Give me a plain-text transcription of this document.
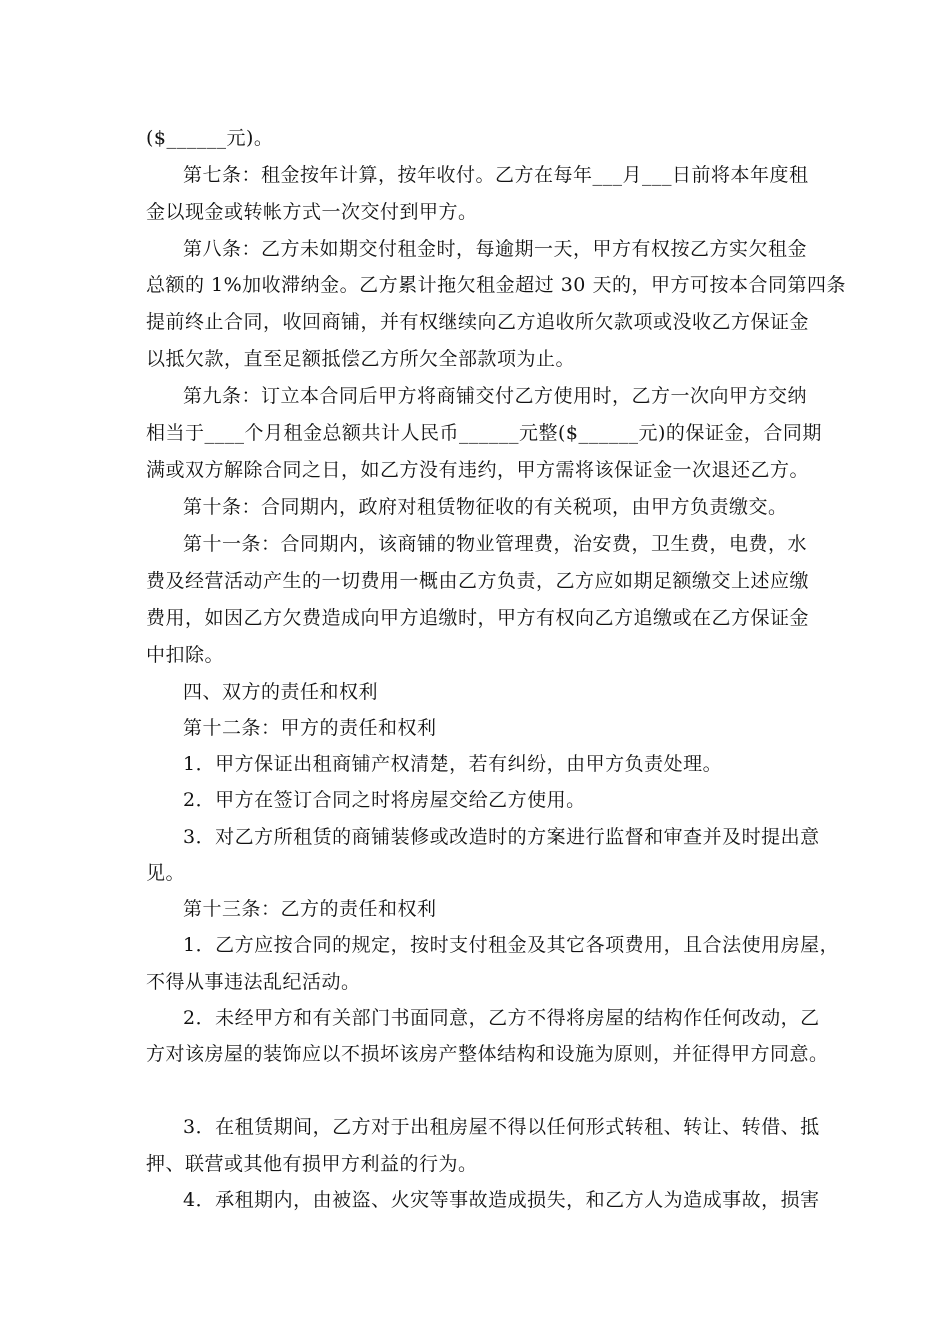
($______元)。
第七条：租金按年计算，按年收付。乙方在每年___月___日前将本年度租
金以现金或转帐方式一次交付到甲方。
第八条：乙方未如期交付租金时，每逾期一天，甲方有权按乙方实欠租金
总额的 1%加收滞纳金。乙方累计拖欠租金超过 30 天的，甲方可按本合同第四条
提前终止合同，收回商铺，并有权继续向乙方追收所欠款项或没收乙方保证金
以抵欠款，直至足额抵偿乙方所欠全部款项为止。
第九条：订立本合同后甲方将商铺交付乙方使用时，乙方一次向甲方交纳
相当于____个月租金总额共计人民币______元整($______元)的保证金，合同期
满或双方解除合同之日，如乙方没有违约，甲方需将该保证金一次退还乙方。
第十条：合同期内，政府对租赁物征收的有关税项，由甲方负责缴交。
第十一条：合同期内，该商铺的物业管理费，治安费，卫生费，电费，水
费及经营活动产生的一切费用一概由乙方负责，乙方应如期足额缴交上述应缴
费用，如因乙方欠费造成向甲方追缴时，甲方有权向乙方追缴或在乙方保证金
中扣除。
四、双方的责任和权利
第十二条：甲方的责任和权利
1．甲方保证出租商铺产权清楚，若有纠纷，由甲方负责处理。
2．甲方在签订合同之时将房屋交给乙方使用。
3．对乙方所租赁的商铺装修或改造时的方案进行监督和审查并及时提出意
见。
第十三条：乙方的责任和权利
1．乙方应按合同的规定，按时支付租金及其它各项费用，且合法使用房屋，
不得从事违法乱纪活动。
2．未经甲方和有关部门书面同意，乙方不得将房屋的结构作任何改动，乙
方对该房屋的装饰应以不损坏该房产整体结构和设施为原则，并征得甲方同意。
3．在租赁期间，乙方对于出租房屋不得以任何形式转租、转让、转借、抵
押、联营或其他有损甲方利益的行为。
4．承租期内，由被盗、火灾等事故造成损失，和乙方人为造成事故，损害
